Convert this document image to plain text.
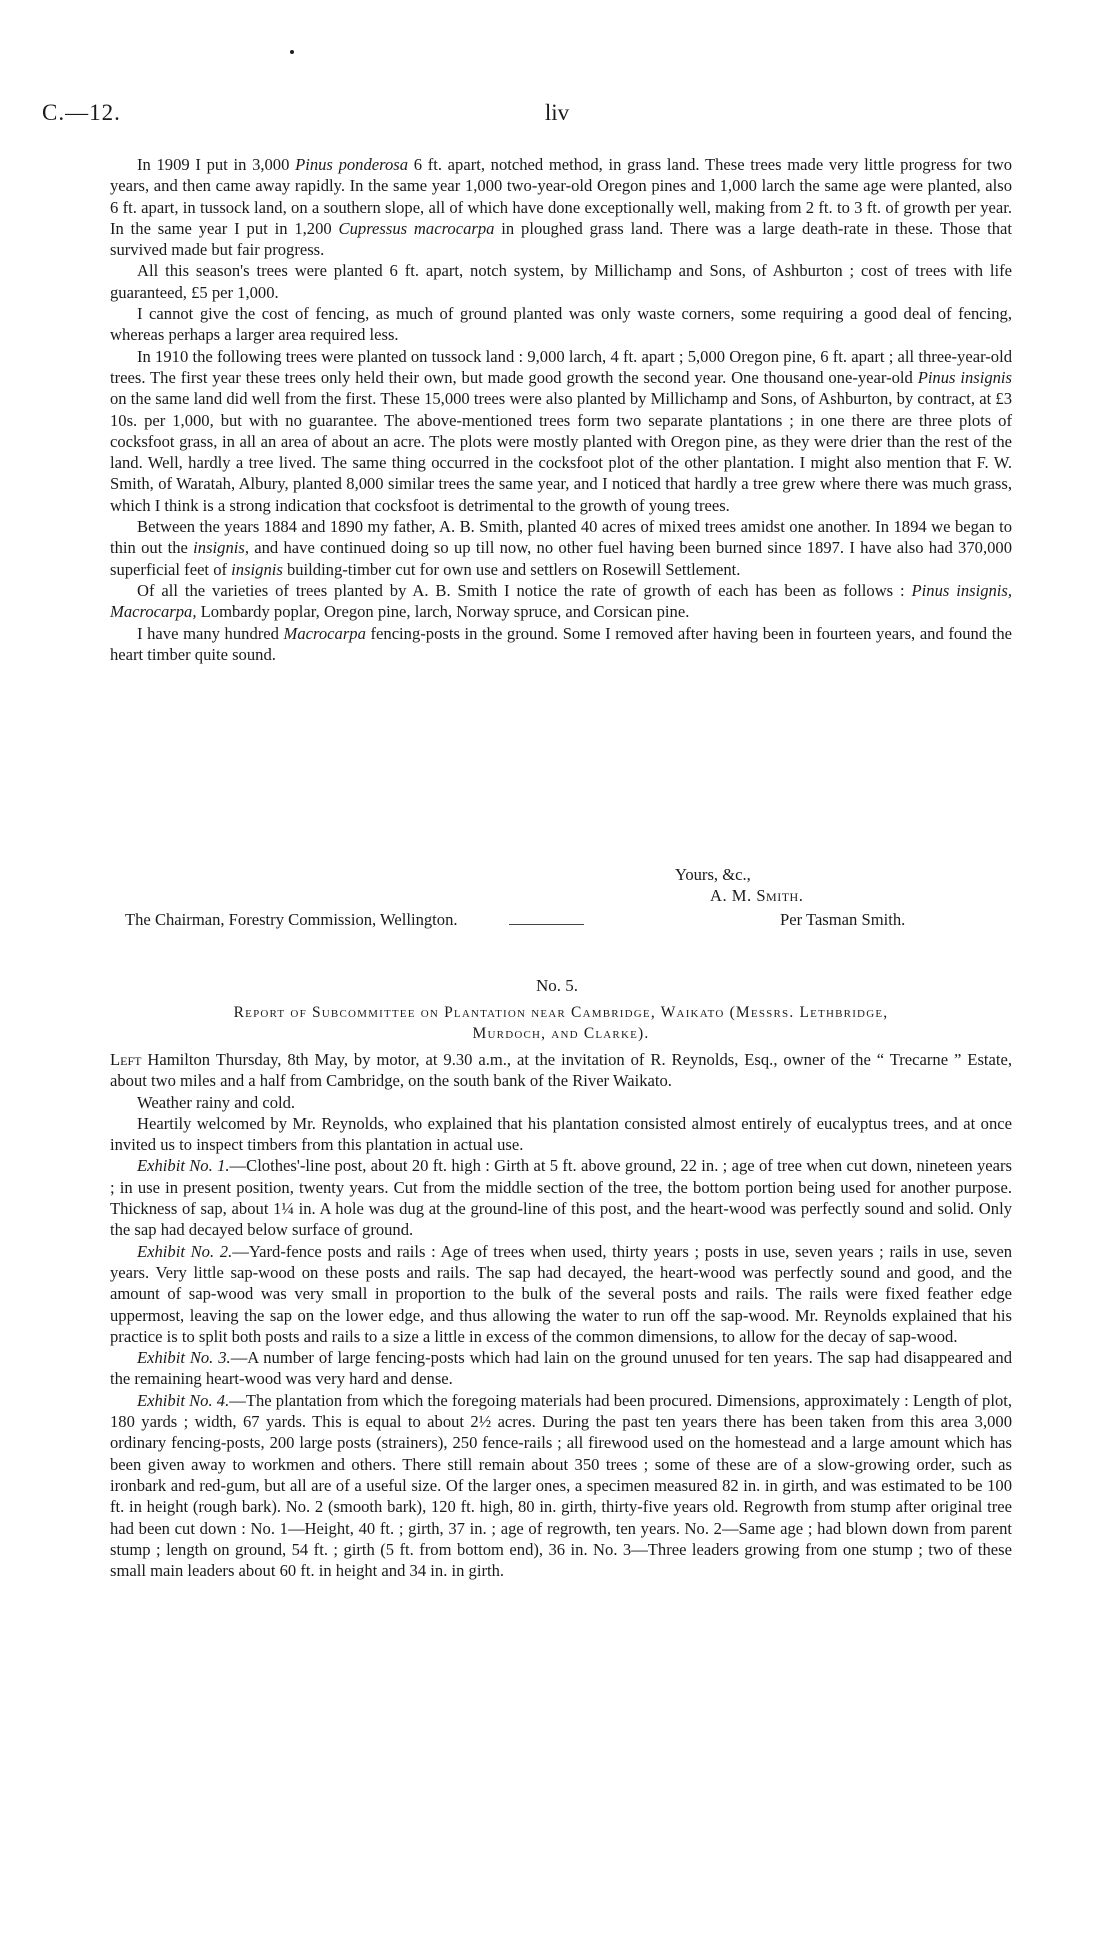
C.—12.	liv

In 1909 I put in 3,000 Pinus ponderosa 6 ft. apart, notched method, in grass land. These trees made very little progress for two years, and then came away rapidly. In the same year 1,000 two-year-old Oregon pines and 1,000 larch the same age were planted, also 6 ft. apart, in tussock land, on a southern slope, all of which have done exceptionally well, making from 2 ft. to 3 ft. of growth per year. In the same year I put in 1,200 Cupressus macrocarpa in ploughed grass land. There was a large death-rate in these. Those that survived made but fair progress.

All this season's trees were planted 6 ft. apart, notch system, by Millichamp and Sons, of Ashburton ; cost of trees with life guaranteed, £5 per 1,000.

I cannot give the cost of fencing, as much of ground planted was only waste corners, some requiring a good deal of fencing, whereas perhaps a larger area required less.

In 1910 the following trees were planted on tussock land : 9,000 larch, 4 ft. apart ; 5,000 Oregon pine, 6 ft. apart ; all three-year-old trees. The first year these trees only held their own, but made good growth the second year. One thousand one-year-old Pinus insignis on the same land did well from the first. These 15,000 trees were also planted by Millichamp and Sons, of Ashburton, by contract, at £3 10s. per 1,000, but with no guarantee. The above-mentioned trees form two separate plantations ; in one there are three plots of cocksfoot grass, in all an area of about an acre. The plots were mostly planted with Oregon pine, as they were drier than the rest of the land. Well, hardly a tree lived. The same thing occurred in the cocksfoot plot of the other plantation. I might also mention that F. W. Smith, of Waratah, Albury, planted 8,000 similar trees the same year, and I noticed that hardly a tree grew where there was much grass, which I think is a strong indication that cocksfoot is detrimental to the growth of young trees.

Between the years 1884 and 1890 my father, A. B. Smith, planted 40 acres of mixed trees amidst one another. In 1894 we began to thin out the insignis, and have continued doing so up till now, no other fuel having been burned since 1897. I have also had 370,000 superficial feet of insignis building-timber cut for own use and settlers on Rosewill Settlement.

Of all the varieties of trees planted by A. B. Smith I notice the rate of growth of each has been as follows : Pinus insignis, Macrocarpa, Lombardy poplar, Oregon pine, larch, Norway spruce, and Corsican pine.

I have many hundred Macrocarpa fencing-posts in the ground. Some I removed after having been in fourteen years, and found the heart timber quite sound.

Yours, &c.,
A. M. Smith.
The Chairman, Forestry Commission, Wellington.	Per Tasman Smith.
No. 5.
Report of Subcommittee on Plantation near Cambridge, Waikato (Messrs. Lethbridge,
Murdoch, and Clarke).

Left Hamilton Thursday, 8th May, by motor, at 9.30 a.m., at the invitation of R. Reynolds, Esq., owner of the “ Trecarne ” Estate, about two miles and a half from Cambridge, on the south bank of the River Waikato.

Weather rainy and cold.

Heartily welcomed by Mr. Reynolds, who explained that his plantation consisted almost entirely of eucalyptus trees, and at once invited us to inspect timbers from this plantation in actual use.

Exhibit No. 1.—Clothes'-line post, about 20 ft. high : Girth at 5 ft. above ground, 22 in. ; age of tree when cut down, nineteen years ; in use in present position, twenty years. Cut from the middle section of the tree, the bottom portion being used for another purpose. Thickness of sap, about 1¼ in. A hole was dug at the ground-line of this post, and the heart-wood was perfectly sound and solid. Only the sap had decayed below surface of ground.

Exhibit No. 2.—Yard-fence posts and rails : Age of trees when used, thirty years ; posts in use, seven years ; rails in use, seven years. Very little sap-wood on these posts and rails. The sap had decayed, the heart-wood was perfectly sound and good, and the amount of sap-wood was very small in proportion to the bulk of the several posts and rails. The rails were fixed feather edge uppermost, leaving the sap on the lower edge, and thus allowing the water to run off the sap-wood. Mr. Reynolds explained that his practice is to split both posts and rails to a size a little in excess of the common dimensions, to allow for the decay of sap-wood.

Exhibit No. 3.—A number of large fencing-posts which had lain on the ground unused for ten years. The sap had disappeared and the remaining heart-wood was very hard and dense.

Exhibit No. 4.—The plantation from which the foregoing materials had been procured. Dimensions, approximately : Length of plot, 180 yards ; width, 67 yards. This is equal to about 2½ acres. During the past ten years there has been taken from this area 3,000 ordinary fencing-posts, 200 large posts (strainers), 250 fence-rails ; all firewood used on the homestead and a large amount which has been given away to workmen and others. There still remain about 350 trees ; some of these are of a slow-growing order, such as ironbark and red-gum, but all are of a useful size. Of the larger ones, a specimen measured 82 in. in girth, and was estimated to be 100 ft. in height (rough bark). No. 2 (smooth bark), 120 ft. high, 80 in. girth, thirty-five years old. Regrowth from stump after original tree had been cut down : No. 1—Height, 40 ft. ; girth, 37 in. ; age of regrowth, ten years. No. 2—Same age ; had blown down from parent stump ; length on ground, 54 ft. ; girth (5 ft. from bottom end), 36 in. No. 3—Three leaders growing from one stump ; two of these small main leaders about 60 ft. in height and 34 in. in girth.
